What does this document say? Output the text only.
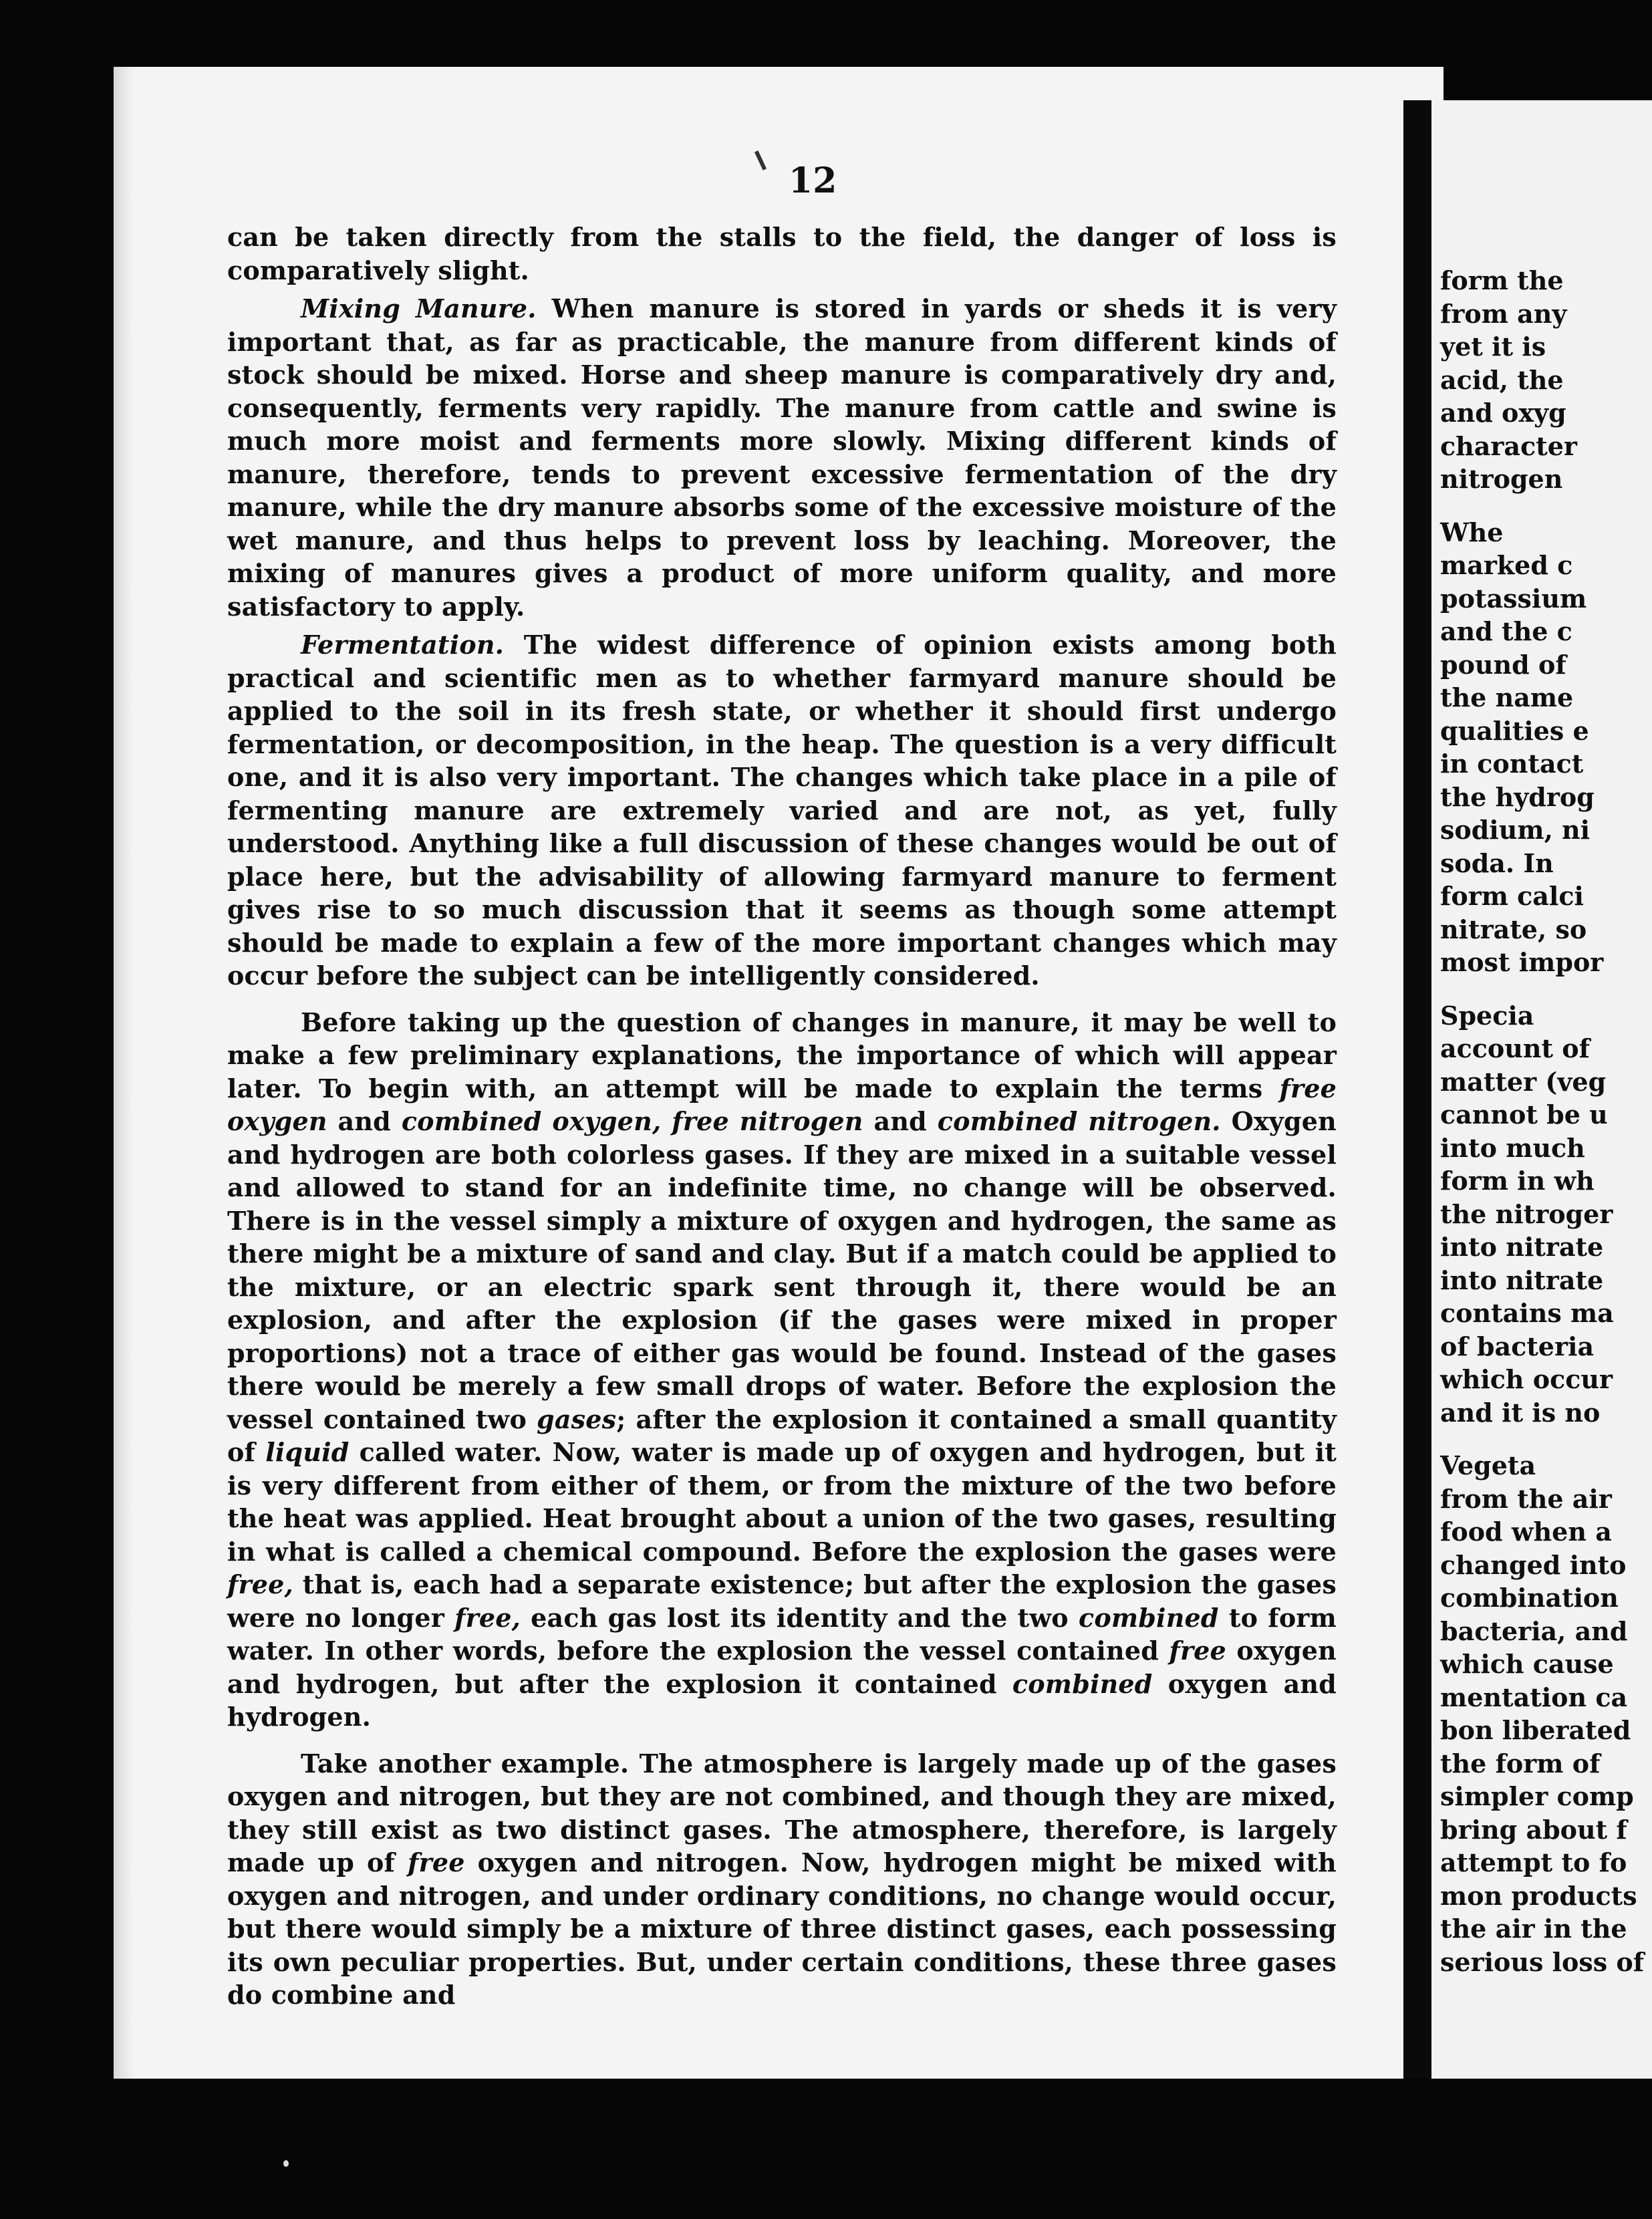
12

can be taken directly from the stalls to the field, the danger of loss is comparatively slight.

Mixing Manure. When manure is stored in yards or sheds it is very important that, as far as practicable, the manure from different kinds of stock should be mixed. Horse and sheep manure is comparatively dry and, consequently, ferments very rapidly. The manure from cattle and swine is much more moist and ferments more slowly. Mixing different kinds of manure, therefore, tends to prevent excessive fermentation of the dry manure, while the dry manure absorbs some of the excessive moisture of the wet manure, and thus helps to prevent loss by leaching. Moreover, the mixing of manures gives a product of more uniform quality, and more satisfactory to apply.

Fermentation. The widest difference of opinion exists among both practical and scientific men as to whether farmyard manure should be applied to the soil in its fresh state, or whether it should first undergo fermentation, or decomposition, in the heap. The question is a very difficult one, and it is also very important. The changes which take place in a pile of fermenting manure are extremely varied and are not, as yet, fully understood. Anything like a full discussion of these changes would be out of place here, but the advisability of allowing farmyard manure to ferment gives rise to so much discussion that it seems as though some attempt should be made to explain a few of the more important changes which may occur before the subject can be intelligently considered.

Before taking up the question of changes in manure, it may be well to make a few preliminary explanations, the importance of which will appear later. To begin with, an attempt will be made to explain the terms free oxygen and combined oxygen, free nitrogen and combined nitrogen. Oxygen and hydrogen are both colorless gases. If they are mixed in a suitable vessel and allowed to stand for an indefinite time, no change will be observed. There is in the vessel simply a mixture of oxygen and hydrogen, the same as there might be a mixture of sand and clay. But if a match could be applied to the mixture, or an electric spark sent through it, there would be an explosion, and after the explosion (if the gases were mixed in proper proportions) not a trace of either gas would be found. Instead of the gases there would be merely a few small drops of water. Before the explosion the vessel contained two gases; after the explosion it contained a small quantity of liquid called water. Now, water is made up of oxygen and hydrogen, but it is very different from either of them, or from the mixture of the two before the heat was applied. Heat brought about a union of the two gases, resulting in what is called a chemical compound. Before the explosion the gases were free, that is, each had a separate existence; but after the explosion the gases were no longer free, each gas lost its identity and the two combined to form water. In other words, before the explosion the vessel contained free oxygen and hydrogen, but after the explosion it contained combined oxygen and hydrogen.

Take another example. The atmosphere is largely made up of the gases oxygen and nitrogen, but they are not combined, and though they are mixed, they still exist as two distinct gases. The atmosphere, therefore, is largely made up of free oxygen and nitrogen. Now, hydrogen might be mixed with oxygen and nitrogen, and under ordinary conditions, no change would occur, but there would simply be a mixture of three distinct gases, each possessing its own peculiar properties. But, under certain conditions, these three gases do combine and

form the
from any
yet it is
acid, the
and oxyg
character
nitrogen
Whe
marked c
potassium
and the c
pound of
the name
qualities e
in contact
the hydrog
sodium, ni
soda. In
form calci
nitrate, so
most impor
Specia
account of
matter (veg
cannot be u
into much
form in wh
the nitroger
into nitrate
into nitrate
contains ma
of bacteria
which occur
and it is no
Vegeta
from the air
food when a
changed into
combination
bacteria, and
which cause
mentation ca
bon liberated
the form of
simpler comp
bring about f
attempt to fo
mon products
the air in the
serious loss of
